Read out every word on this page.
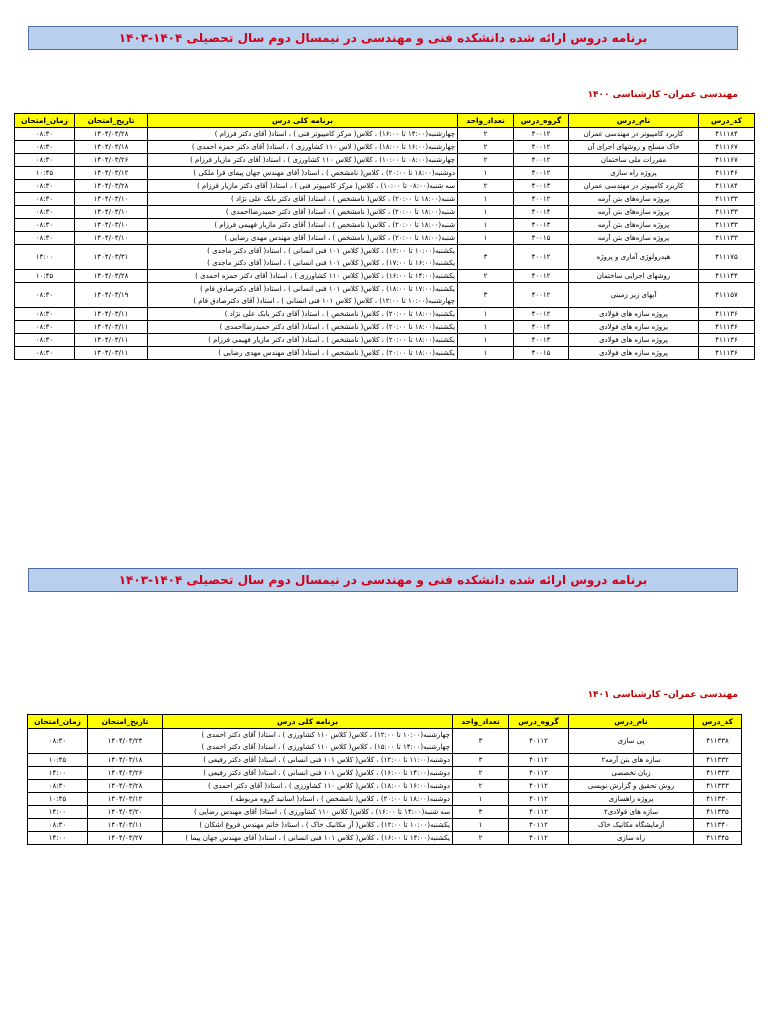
برنامه دروس ارائه شده دانشکده فنی و مهندسی در نیمسال دوم سال تحصیلی ۱۴۰۴-۱۴۰۳
مهندسی عمران– کارشناسی ۱۴۰۰
کد_درس	نام_درس	گروه_درس	تعداد_واحد	برنامه کلی درس	تاریخ_امتحان	زمان_امتحان
۴۱۱۱۸۴	کاربرد کامپیوتر در مهندسی عمران	۴۰۰۱۲	۲	چهارشنبه(۱۴:۰۰ تا ۱۶:۰۰) ، کلاس( مرکز کامپیوتر فنی ) ، استاد( آقای دکتر فرزام )	۱۴۰۴/۰۳/۲۸	۰۸:۳۰
۴۱۱۱۶۷	خاک مسلح و روشهای اجرای آن	۴۰۰۱۲	۲	چهارشنبه(۱۶:۰۰ تا ۱۸:۰۰) ، کلاس( لاس ۱۱۰ کشاورزی ) ، استاد( آقای دکتر حمزه احمدی )	۱۴۰۴/۰۳/۱۸	۰۸:۳۰
۴۱۱۱۶۷	مقررات ملی ساختمان	۴۰۰۱۲	۲	چهارشنبه(۰۸:۰۰ تا ۱۰:۰۰) ، کلاس( کلاس ۱۱۰ کشاورزی ) ، استاد( آقای دکتر مازیار فرزام )	۱۴۰۴/۰۳/۲۶	۰۸:۳۰
۴۱۱۱۴۶	پروژه راه سازی	۴۰۰۱۲	۱	دوشنبه(۱۸:۰۰ تا ۲۰:۰۰) ، کلاس( نامشخص ) ، استاد( آقای مهندس جهان پیمای قرا ملکی )	۱۴۰۴/۰۳/۱۲	۱۰:۴۵
۴۱۱۱۸۴	کاربرد کامپیوتر در مهندسی عمران	۴۰۰۱۳	۲	سه شنبه(۰۸:۰۰ تا ۱۰:۰۰) ، کلاس( مرکز کامپیوتر فنی ) ، استاد( آقای دکتر مازیار فرزام )	۱۴۰۴/۰۳/۲۸	۰۸:۳۰
۴۱۱۱۳۳	پروژه سازه‌های بتن آرمه	۴۰۰۱۲	۱	شنبه(۱۸:۰۰ تا ۲۰:۰۰) ، کلاس( نامشخص ) ، استاد( آقای دکتر بابک علی نژاد )	۱۴۰۴/۰۳/۱۰	۰۸:۳۰
۴۱۱۱۳۳	پروژه سازه‌های بتن آرمه	۴۰۰۱۴	۱	شنبه(۱۸:۰۰ تا ۲۰:۰۰) ، کلاس( نامشخص ) ، استاد( آقای دکتر حمیدرضااحمدی )	۱۴۰۴/۰۳/۱۰	۰۸:۳۰
۴۱۱۱۳۳	پروژه سازه‌های بتن آرمه	۴۰۰۱۳	۱	شنبه(۱۸:۰۰ تا ۲۰:۰۰) ، کلاس( نامشخص ) ، استاد( آقای دکتر مازیار فهیمی فرزام )	۱۴۰۴/۰۳/۱۰	۰۸:۳۰
۴۱۱۱۳۳	پروژه سازه‌های بتن آرمه	۴۰۰۱۵	۱	شنبه(۱۸:۰۰ تا ۲۰:۰۰) ، کلاس( نامشخص ) ، استاد( آقای مهندس مهدی رضایی )	۱۴۰۴/۰۳/۱۰	۰۸:۳۰
۴۱۱۱۷۵	هیدرولوژی آماری و پروژه	۴۰۰۱۲	۳	یکشنبه(۱۰:۰۰ تا ۱۲:۰۰) ، کلاس( کلاس ۱۰۱ فنی انسانی ) ، استاد( آقای دکتر ماجدی )
یکشنبه(۱۶:۰۰ تا ۱۷:۰۰) ، کلاس( کلاس ۱۰۱ فنی انسانی ) ، استاد( آقای دکتر ماجدی )	۱۴۰۴/۰۳/۳۱	۱۴:۰۰
۴۱۱۱۴۴	روشهای اجرایی ساختمان	۴۰۰۱۲	۲	یکشنبه(۱۴:۰۰ تا ۱۶:۰۰) ، کلاس( کلاس ۱۱۰ کشاورزی ) ، استاد( آقای دکتر حمزه احمدی )	۱۴۰۴/۰۳/۲۸	۱۰:۴۵
۴۱۱۱۵۷	آبهای زیر زمینی	۴۰۰۱۲	۳	یکشنبه(۱۷:۰۰ تا ۱۸:۰۰) ، کلاس( کلاس ۱۰۱ فنی انسانی ) ، استاد( آقای دکترصادق فام )
چهارشنبه(۱۰:۰۰ تا ۱۲:۰۰) ، کلاس( کلاس ۱۰۱ فنی انسانی ) ، استاد( آقای دکترصادق فام )	۱۴۰۴/۰۳/۱۹	۰۸:۳۰
۴۱۱۱۳۶	پروژه سازه های فولادی	۴۰۰۱۲	۱	یکشنبه(۱۸:۰۰ تا ۲۰:۰۰) ، کلاس( نامشخص ) ، استاد( آقای دکتر بابک علی نژاد )	۱۴۰۴/۰۳/۱۱	۰۸:۳۰
۴۱۱۱۳۶	پروژه سازه های فولادی	۴۰۰۱۴	۱	یکشنبه(۱۸:۰۰ تا ۲۰:۰۰) ، کلاس( نامشخص ) ، استاد( آقای دکتر حمیدرضااحمدی )	۱۴۰۴/۰۳/۱۱	۰۸:۳۰
۴۱۱۱۳۶	پروژه سازه های فولادی	۴۰۰۱۳	۱	یکشنبه(۱۸:۰۰ تا ۲۰:۰۰) ، کلاس( نامشخص ) ، استاد( آقای دکتر مازیار فهیمی فرزام )	۱۴۰۴/۰۳/۱۱	۰۸:۳۰
۴۱۱۱۳۶	پروژه سازه های فولادی	۴۰۰۱۵	۱	یکشنبه(۱۸:۰۰ تا ۲۰:۰۰) ، کلاس( نامشخص ) ، استاد( آقای مهندس مهدی رضایی )	۱۴۰۴/۰۳/۱۱	۰۸:۳۰
برنامه دروس ارائه شده دانشکده فنی و مهندسی در نیمسال دوم سال تحصیلی ۱۴۰۴-۱۴۰۳
مهندسی عمران– کارشناسی ۱۴۰۱
کد_درس	نام_درس	گروه_درس	تعداد_واحد	برنامه کلی درس	تاریخ_امتحان	زمان_امتحان
۴۱۱۳۳۸	پی سازی	۴۰۱۱۲	۳	چهارشنبه(۱۰:۰۰ تا ۱۲:۰۰) ، کلاس( کلاس ۱۱۰ کشاورزی ) ، استاد( آقای دکتر احمدی )
چهارشنبه(۱۴:۰۰ تا ۱۵:۰۰) ، کلاس( کلاس ۱۱۰ کشاورزی ) ، استاد( آقای دکتر احمدی )	۱۴۰۴/۰۳/۲۴	۰۸:۳۰
۴۱۱۳۳۲	سازه های بتن آرمه۲	۴۰۱۱۲	۳	دوشنبه(۱۱:۰۰ تا ۱۲:۰۰) ، کلاس( کلاس ۱۰۱ فنی انسانی ) ، استاد( آقای دکتر رفیعی )	۱۴۰۴/۰۳/۱۸	۱۰:۴۵
۴۱۱۳۴۳	زبان تخصصی	۴۰۱۱۲	۲	دوشنبه(۱۴:۰۰ تا ۱۶:۰۰) ، کلاس( کلاس ۱۰۱ فنی انسانی ) ، استاد( آقای دکتر رفیعی )	۱۴۰۴/۰۳/۲۶	۱۴:۰۰
۴۱۱۳۴۳	روش تحقیق و گزارش نویسی	۴۰۱۱۲	۲	دوشنبه(۱۶:۰۰ تا ۱۸:۰۰) ، کلاس( کلاس ۱۱۰ کشاورزی ) ، استاد( آقای دکتر احمدی )	۱۴۰۴/۰۳/۲۸	۰۸:۳۰
۴۱۱۳۳۰	پروژه راهسازی	۴۰۱۱۲	۱	دوشنبه(۱۸:۰۰ تا ۲۰:۰۰) ، کلاس( نامشخص ) ، استاد( اساتید گروه مربوطه )	۱۴۰۴/۰۳/۱۲	۱۰:۴۵
۴۱۱۳۳۵	سازه های فولادی۲	۴۰۱۱۲	۳	سه شنبه(۱۴:۰۰ تا ۱۶:۰۰) ، کلاس( کلاس ۱۱۰ کشاورزی ) ، استاد( آقای مهندس رضایی )	۱۴۰۴/۰۳/۲۰	۱۴:۰۰
۴۱۱۳۴۰	آزمایشگاه مکانیک خاک	۴۰۱۱۲	۱	یکشنبه(۱۰:۰۰ تا ۱۲:۰۰) ، کلاس( آز مکانیک خاک ) ، استاد( خانم مهندس فروغ اشکان )	۱۴۰۴/۰۳/۱۱	۰۸:۳۰
۴۱۱۳۴۵	راه سازی	۴۰۱۱۲	۲	یکشنبه(۱۴:۰۰ تا ۱۶:۰۰) ، کلاس( کلاس ۱۰۱ فنی انسانی ) ، استاد( آقای مهندس جهان پیما )	۱۴۰۴/۰۳/۲۷	۱۴:۰۰
